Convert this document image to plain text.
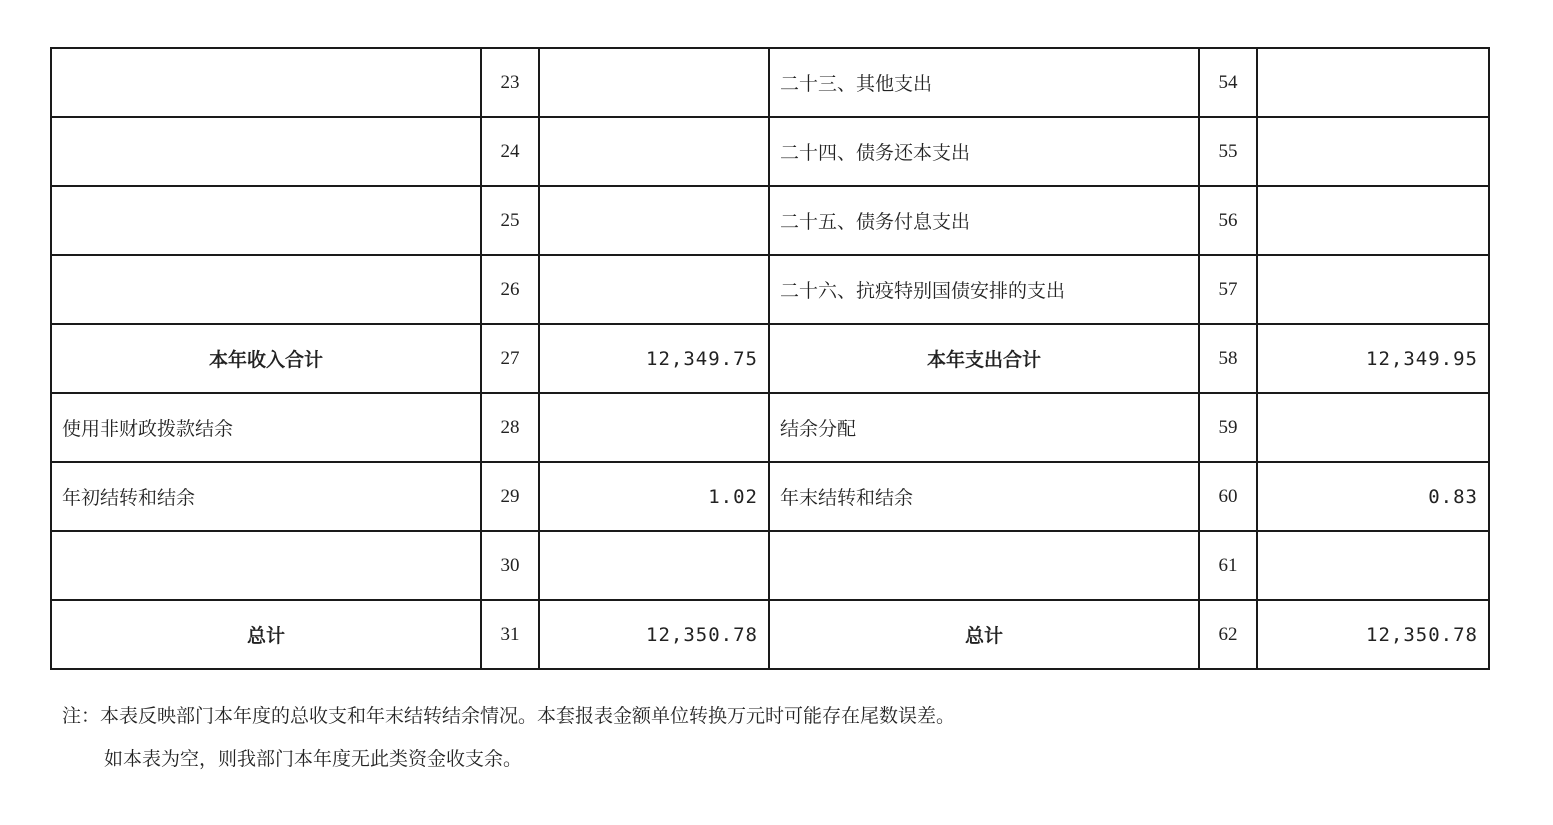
	23		二十三、其他支出	54	
	24		二十四、债务还本支出	55	
	25		二十五、债务付息支出	56	
	26		二十六、抗疫特别国债安排的支出	57	
本年收入合计	27	12,349.75	本年支出合计	58	12,349.95
使用非财政拨款结余	28		结余分配	59	
年初结转和结余	29	1.02	年末结转和结余	60	0.83
	30			61	
总计	31	12,350.78	总计	62	12,350.78
注：本表反映部门本年度的总收支和年末结转结余情况。本套报表金额单位转换万元时可能存在尾数误差。
如本表为空，则我部门本年度无此类资金收支余。
